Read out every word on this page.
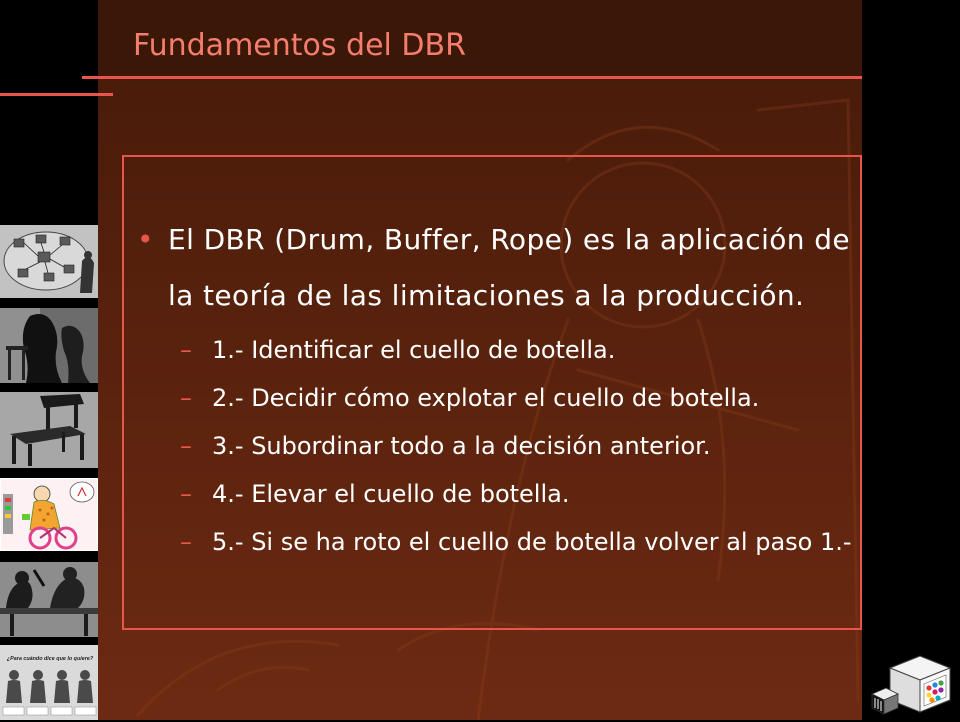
Fundamentos del DBR
• El DBR (Drum, Buffer, Rope) es la aplicación de
la teoría de las limitaciones a la producción.
– 1.- Identificar el cuello de botella.
– 2.- Decidir cómo explotar el cuello de botella.
– 3.- Subordinar todo a la decisión anterior.
– 4.- Elevar el cuello de botella.
– 5.- Si se ha roto el cuello de botella volver al paso 1.-
¿Para cuándo dice que lo quiere?
